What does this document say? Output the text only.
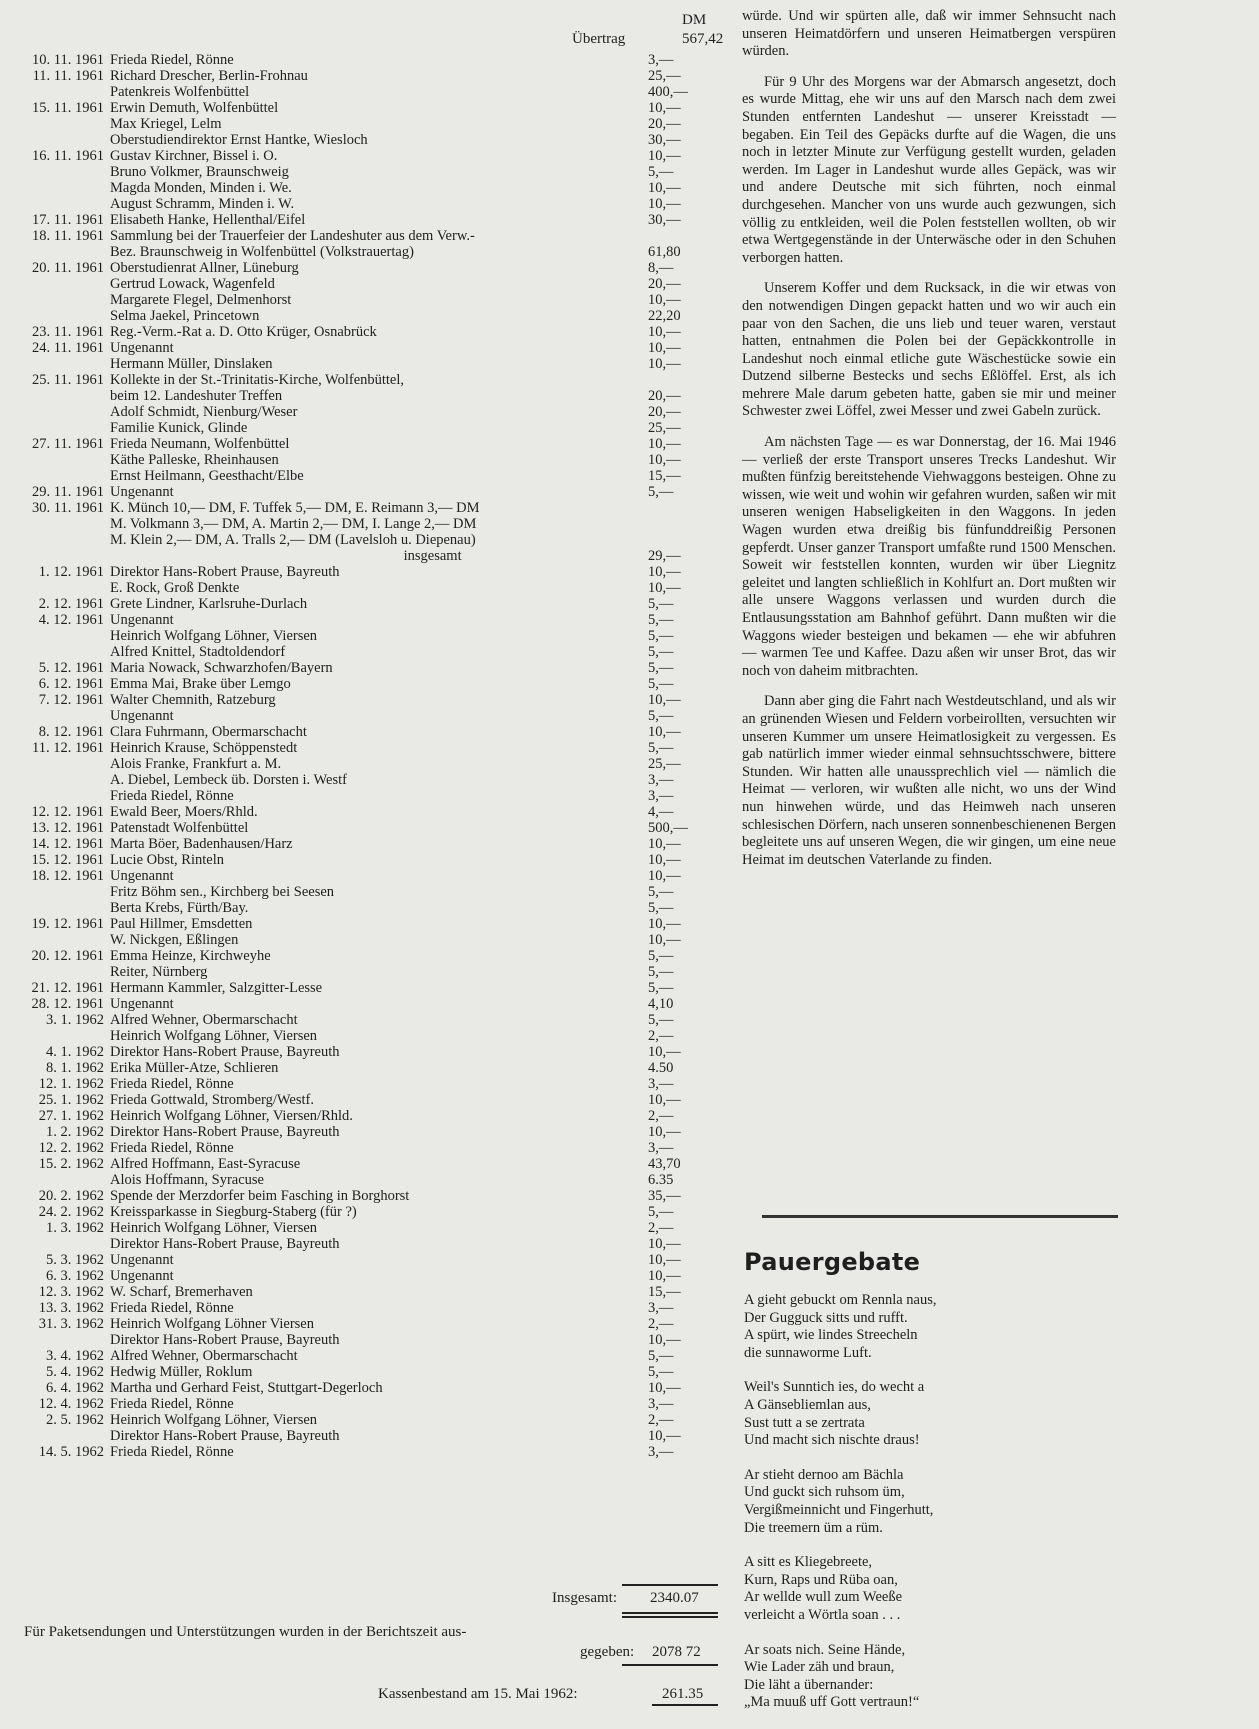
DM
Übertrag	567,42
10. 11. 1961 Frieda Riedel, Rönne	3,—
11. 11. 1961 Richard Drescher, Berlin-Frohnau	25,—
Patenkreis Wolfenbüttel	400,—
15. 11. 1961 Erwin Demuth, Wolfenbüttel	10,—
Max Kriegel, Lelm	20,—
Oberstudiendirektor Ernst Hantke, Wiesloch	30,—
16. 11. 1961 Gustav Kirchner, Bissel i. O.	10,—
Bruno Volkmer, Braunschweig	5,—
Magda Monden, Minden i. We.	10,—
August Schramm, Minden i. W.	10,—
17. 11. 1961 Elisabeth Hanke, Hellenthal/Eifel	30,—
18. 11. 1961 Sammlung bei der Trauerfeier der Landeshuter aus dem Verw.-
Bez. Braunschweig in Wolfenbüttel (Volkstrauertag)	61,80
20. 11. 1961 Oberstudienrat Allner, Lüneburg	8,—
Gertrud Lowack, Wagenfeld	20,—
Margarete Flegel, Delmenhorst	10,—
Selma Jaekel, Princetown	22,20
23. 11. 1961 Reg.-Verm.-Rat a. D. Otto Krüger, Osnabrück	10,—
24. 11. 1961 Ungenannt	10,—
Hermann Müller, Dinslaken	10,—
25. 11. 1961 Kollekte in der St.-Trinitatis-Kirche, Wolfenbüttel,
beim 12. Landeshuter Treffen	20,—
Adolf Schmidt, Nienburg/Weser	20,—
Familie Kunick, Glinde	25,—
27. 11. 1961 Frieda Neumann, Wolfenbüttel	10,—
Käthe Palleske, Rheinhausen	10,—
Ernst Heilmann, Geesthacht/Elbe	15,—
29. 11. 1961 Ungenannt	5,—
30. 11. 1961 K. Münch 10,— DM, F. Tuffek 5,— DM, E. Reimann 3,— DM
M. Volkmann 3,— DM, A. Martin 2,— DM, I. Lange 2,— DM
M. Klein 2,— DM, A. Tralls 2,— DM (Lavelsloh u. Diepenau)
insgesamt	29,—
1. 12. 1961 Direktor Hans-Robert Prause, Bayreuth	10,—
E. Rock, Groß Denkte	10,—
2. 12. 1961 Grete Lindner, Karlsruhe-Durlach	5,—
4. 12. 1961 Ungenannt	5,—
Heinrich Wolfgang Löhner, Viersen	5,—
Alfred Knittel, Stadtoldendorf	5,—
5. 12. 1961 Maria Nowack, Schwarzhofen/Bayern	5,—
6. 12. 1961 Emma Mai, Brake über Lemgo	5,—
7. 12. 1961 Walter Chemnith, Ratzeburg	10,—
Ungenannt	5,—
8. 12. 1961 Clara Fuhrmann, Obermarschacht	10,—
11. 12. 1961 Heinrich Krause, Schöppenstedt	5,—
Alois Franke, Frankfurt a. M.	25,—
A. Diebel, Lembeck üb. Dorsten i. Westf	3,—
Frieda Riedel, Rönne	3,—
12. 12. 1961 Ewald Beer, Moers/Rhld.	4,—
13. 12. 1961 Patenstadt Wolfenbüttel	500,—
14. 12. 1961 Marta Böer, Badenhausen/Harz	10,—
15. 12. 1961 Lucie Obst, Rinteln	10,—
18. 12. 1961 Ungenannt	10,—
Fritz Böhm sen., Kirchberg bei Seesen	5,—
Berta Krebs, Fürth/Bay.	5,—
19. 12. 1961 Paul Hillmer, Emsdetten	10,—
W. Nickgen, Eßlingen	10,—
20. 12. 1961 Emma Heinze, Kirchweyhe	5,—
Reiter, Nürnberg	5,—
21. 12. 1961 Hermann Kammler, Salzgitter-Lesse	5,—
28. 12. 1961 Ungenannt	4,10
3. 1. 1962 Alfred Wehner, Obermarschacht	5,—
Heinrich Wolfgang Löhner, Viersen	2,—
4. 1. 1962 Direktor Hans-Robert Prause, Bayreuth	10,—
8. 1. 1962 Erika Müller-Atze, Schlieren	4.50
12. 1. 1962 Frieda Riedel, Rönne	3,—
25. 1. 1962 Frieda Gottwald, Stromberg/Westf.	10,—
27. 1. 1962 Heinrich Wolfgang Löhner, Viersen/Rhld.	2,—
1. 2. 1962 Direktor Hans-Robert Prause, Bayreuth	10,—
12. 2. 1962 Frieda Riedel, Rönne	3,—
15. 2. 1962 Alfred Hoffmann, East-Syracuse	43,70
Alois Hoffmann, Syracuse	6.35
20. 2. 1962 Spende der Merzdorfer beim Fasching in Borghorst	35,—
24. 2. 1962 Kreissparkasse in Siegburg-Staberg (für ?)	5,—
1. 3. 1962 Heinrich Wolfgang Löhner, Viersen	2,—
Direktor Hans-Robert Prause, Bayreuth	10,—
5. 3. 1962 Ungenannt	10,—
6. 3. 1962 Ungenannt	10,—
12. 3. 1962 W. Scharf, Bremerhaven	15,—
13. 3. 1962 Frieda Riedel, Rönne	3,—
31. 3. 1962 Heinrich Wolfgang Löhner Viersen	2,—
Direktor Hans-Robert Prause, Bayreuth	10,—
3. 4. 1962 Alfred Wehner, Obermarschacht	5,—
5. 4. 1962 Hedwig Müller, Roklum	5,—
6. 4. 1962 Martha und Gerhard Feist, Stuttgart-Degerloch	10,—
12. 4. 1962 Frieda Riedel, Rönne	3,—
2. 5. 1962 Heinrich Wolfgang Löhner, Viersen	2,—
Direktor Hans-Robert Prause, Bayreuth	10,—
14. 5. 1962 Frieda Riedel, Rönne	3,—
Insgesamt: 2340.07
Für Paketsendungen und Unterstützungen wurden in der Berichtszeit aus-
gegeben: 2078 72
Kassenbestand am 15. Mai 1962:	261.35

würde. Und wir spürten alle, daß wir immer Sehnsucht nach unseren Heimatdörfern und unseren Heimatbergen verspüren würden.

Für 9 Uhr des Morgens war der Abmarsch angesetzt, doch es wurde Mittag, ehe wir uns auf den Marsch nach dem zwei Stunden entfernten Landeshut — unserer Kreisstadt — begaben. Ein Teil des Gepäcks durfte auf die Wagen, die uns noch in letzter Minute zur Verfügung gestellt wurden, geladen werden. Im Lager in Landeshut wurde alles Gepäck, was wir und andere Deutsche mit sich führten, noch einmal durchgesehen. Mancher von uns wurde auch gezwungen, sich völlig zu entkleiden, weil die Polen feststellen wollten, ob wir etwa Wertgegenstände in der Unterwäsche oder in den Schuhen verborgen hatten.

Unserem Koffer und dem Rucksack, in die wir etwas von den notwendigen Dingen gepackt hatten und wo wir auch ein paar von den Sachen, die uns lieb und teuer waren, verstaut hatten, entnahmen die Polen bei der Gepäckkontrolle in Landeshut noch einmal etliche gute Wäschestücke sowie ein Dutzend silberne Bestecks und sechs Eßlöffel. Erst, als ich mehrere Male darum gebeten hatte, gaben sie mir und meiner Schwester zwei Löffel, zwei Messer und zwei Gabeln zurück.

Am nächsten Tage — es war Donnerstag, der 16. Mai 1946 — verließ der erste Transport unseres Trecks Landeshut. Wir mußten fünfzig bereitstehende Viehwaggons besteigen. Ohne zu wissen, wie weit und wohin wir gefahren wurden, saßen wir mit unseren wenigen Habseligkeiten in den Waggons. In jeden Wagen wurden etwa dreißig bis fünfunddreißig Personen gepferdt. Unser ganzer Transport umfaßte rund 1500 Menschen. Soweit wir feststellen konnten, wurden wir über Liegnitz geleitet und langten schließlich in Kohlfurt an. Dort mußten wir alle unsere Waggons verlassen und wurden durch die Entlausungsstation am Bahnhof geführt. Dann mußten wir die Waggons wieder besteigen und bekamen — ehe wir abfuhren — warmen Tee und Kaffee. Dazu aßen wir unser Brot, das wir noch von daheim mitbrachten.

Dann aber ging die Fahrt nach Westdeutschland, und als wir an grünenden Wiesen und Feldern vorbeirollten, versuchten wir unseren Kummer um unsere Heimatlosigkeit zu vergessen. Es gab natürlich immer wieder einmal sehnsuchtsschwere, bittere Stunden. Wir hatten alle unaussprechlich viel — nämlich die Heimat — verloren, wir wußten alle nicht, wo uns der Wind nun hinwehen würde, und das Heimweh nach unseren schlesischen Dörfern, nach unseren sonnenbeschienenen Bergen begleitete uns auf unseren Wegen, die wir gingen, um eine neue Heimat im deutschen Vaterlande zu finden.

Pauergebate
A gieht gebuckt om Rennla naus,
Der Gugguck sitts und rufft.
A spürt, wie lindes Streecheln
die sunnaworme Luft.
Weil's Sunntich ies, do wecht a
A Gänsebliemlan aus,
Sust tutt a se zertrata
Und macht sich nischte draus!
Ar stieht dernoo am Bächla
Und guckt sich ruhsom üm,
Vergißmeinnicht und Fingerhutt,
Die treemern üm a rüm.
A sitt es Kliegebreete,
Kurn, Raps und Rüba oan,
Ar wellde wull zum Weeße
verleicht a Wörtla soan . . .
Ar soats nich. Seine Hände,
Wie Lader zäh und braun,
Die läht a übernander:
„Ma muuß uff Gott vertraun!“
